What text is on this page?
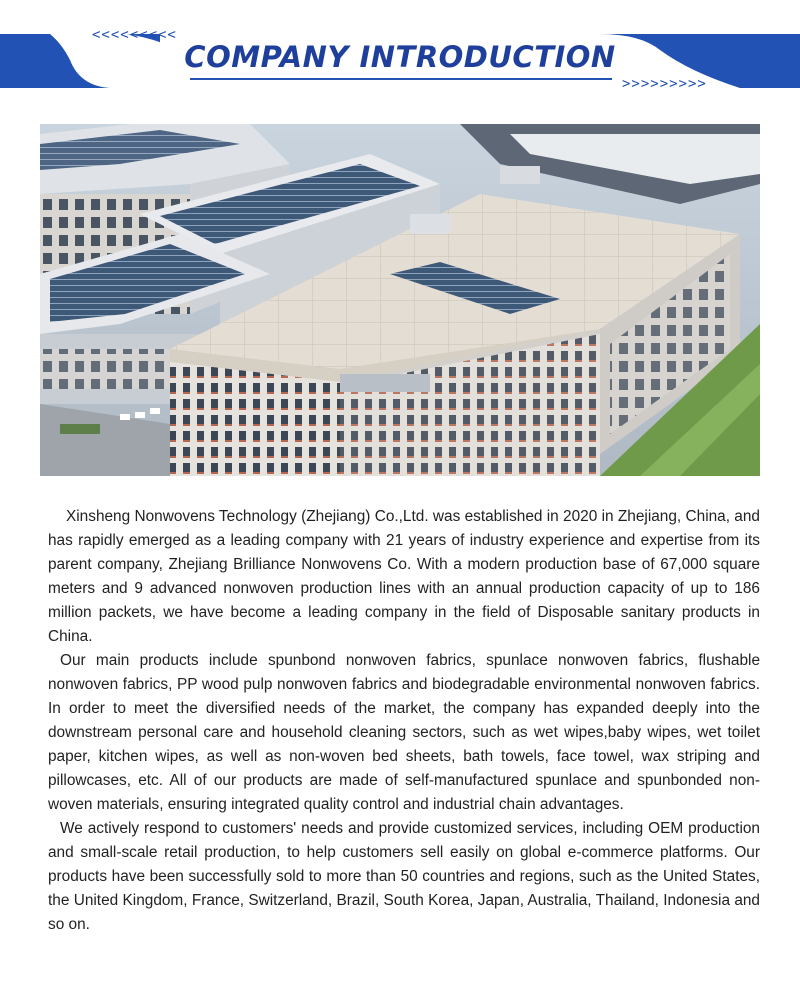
<<<<<<<<<
COMPANY INTRODUCTION
>>>>>>>>>

Xinsheng Nonwovens Technology (Zhejiang) Co.,Ltd. was established in 2020 in Zhejiang, China, and has rapidly emerged as a leading company with 21 years of industry experience and expertise from its parent company, Zhejiang Brilliance Nonwovens Co. With a modern production base of 67,000 square meters and 9 advanced nonwoven production lines with an annual production capacity of up to 186 million packets, we have become a leading company in the field of Disposable sanitary products in China.

Our main products include spunbond nonwoven fabrics, spunlace nonwoven fabrics, flushable nonwoven fabrics, PP wood pulp nonwoven fabrics and biodegradable environmental nonwoven fabrics. In order to meet the diversified needs of the market, the company has expanded deeply into the downstream personal care and household cleaning sectors, such as wet wipes,baby wipes, wet toilet paper, kitchen wipes, as well as non-woven bed sheets, bath towels, face towel, wax striping and pillowcases, etc. All of our products are made of self-manufactured spunlace and spunbonded non-woven materials, ensuring integrated quality control and industrial chain advantages.

We actively respond to customers' needs and provide customized services, including OEM production and small-scale retail production, to help customers sell easily on global e-commerce platforms. Our products have been successfully sold to more than 50 countries and regions, such as the United States, the United Kingdom, France, Switzerland, Brazil, South Korea, Japan, Australia, Thailand, Indonesia and so on.
